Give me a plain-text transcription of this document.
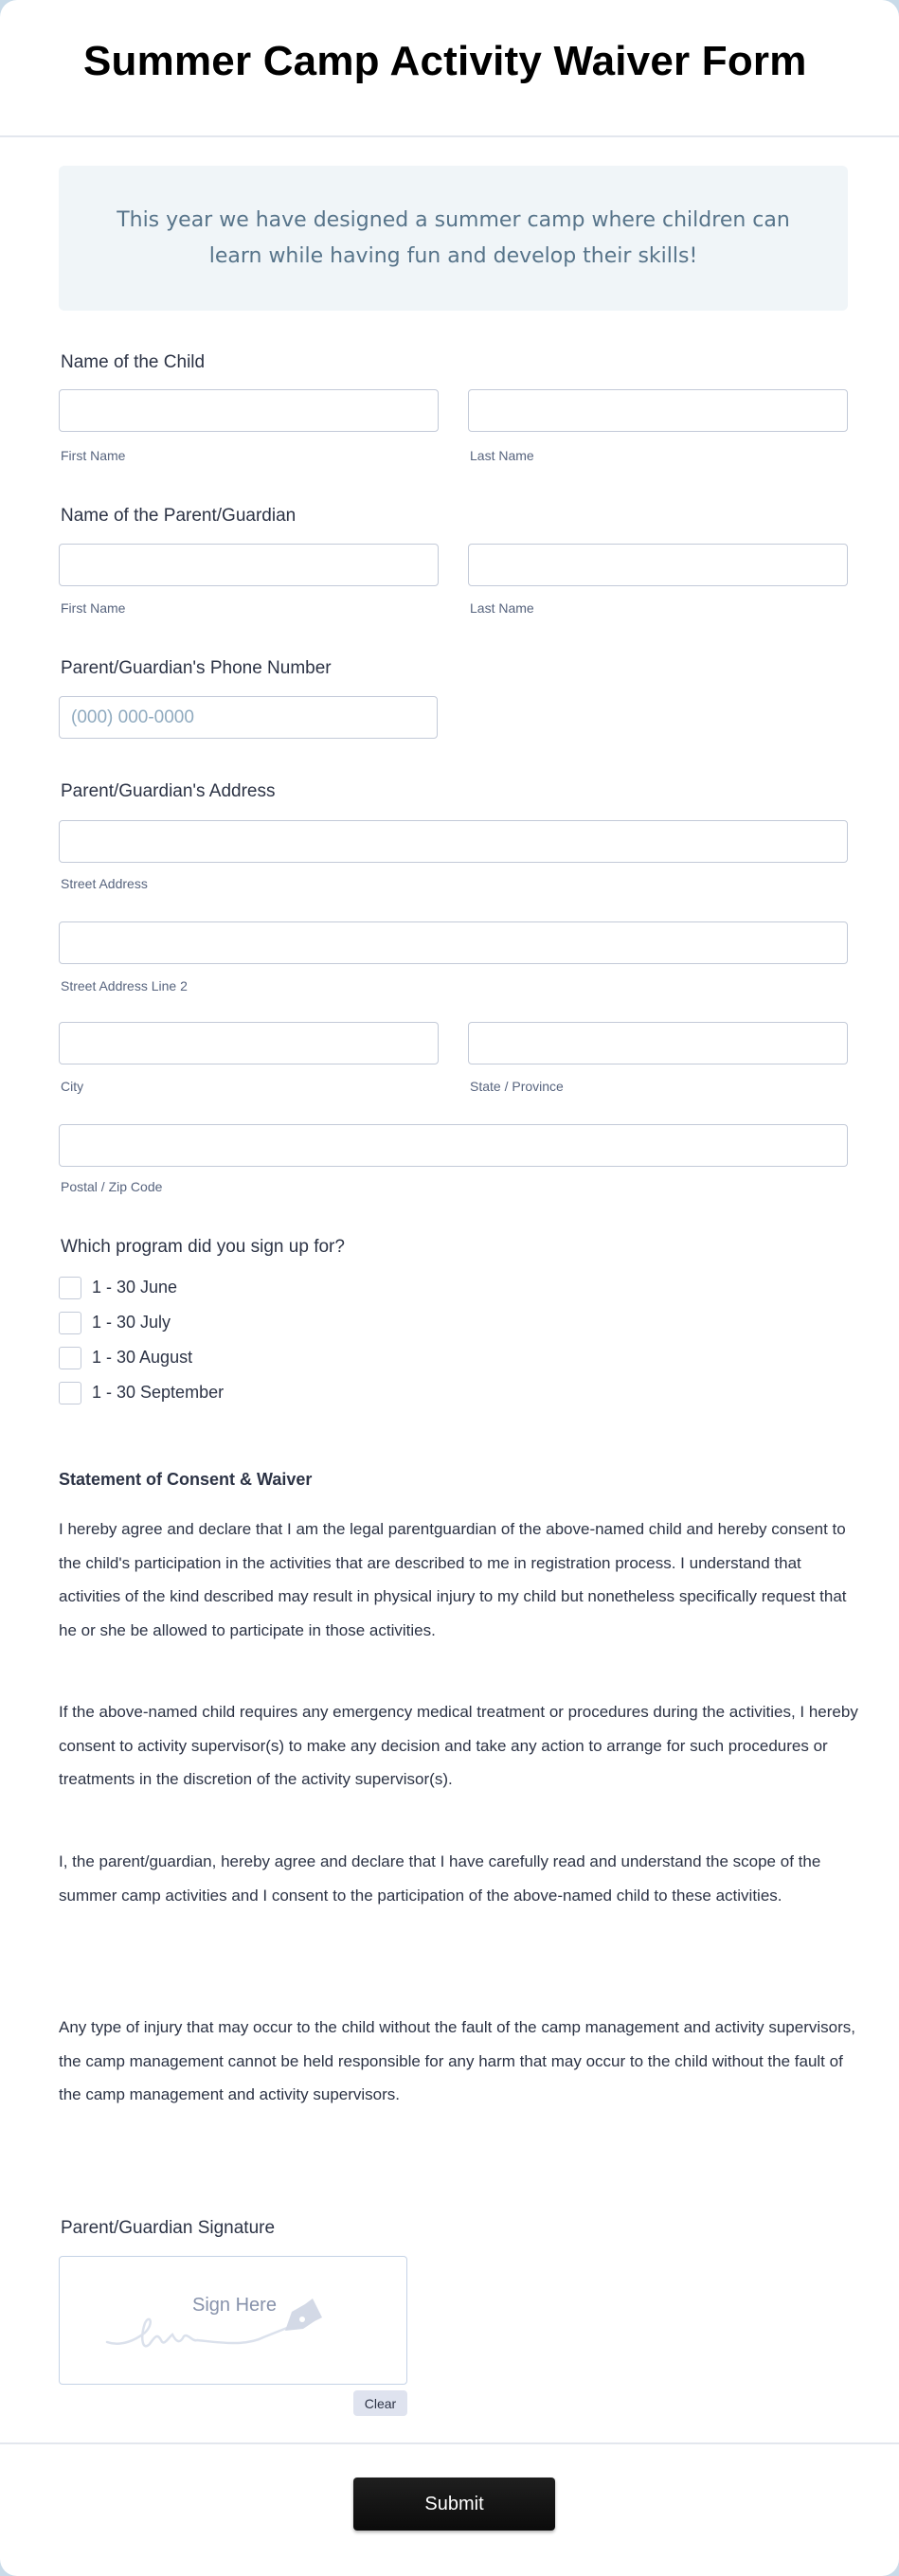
Summer Camp Activity Waiver Form
This year we have designed a summer camp where children can learn while having fun and develop their skills!
Name of the Child
First Name	Last Name
Name of the Parent/Guardian
First Name	Last Name
Parent/Guardian's Phone Number
(000) 000-0000
Parent/Guardian's Address
Street Address
Street Address Line 2
City	State / Province
Postal / Zip Code
Which program did you sign up for?
1 - 30 June
1 - 30 July
1 - 30 August
1 - 30 September
Statement of Consent & Waiver
I hereby agree and declare that I am the legal parentguardian of the above-named child and hereby consent to the child's participation in the activities that are described to me in registration process. I understand that activities of the kind described may result in physical injury to my child but nonetheless specifically request that he or she be allowed to participate in those activities.
If the above-named child requires any emergency medical treatment or procedures during the activities, I hereby consent to activity supervisor(s) to make any decision and take any action to arrange for such procedures or treatments in the discretion of the activity supervisor(s).
I, the parent/guardian, hereby agree and declare that I have carefully read and understand the scope of the summer camp activities and I consent to the participation of the above-named child to these activities.
Any type of injury that may occur to the child without the fault of the camp management and activity supervisors, the camp management cannot be held responsible for any harm that may occur to the child without the fault of the camp management and activity supervisors.
Parent/Guardian Signature
Sign Here
Clear
Submit
